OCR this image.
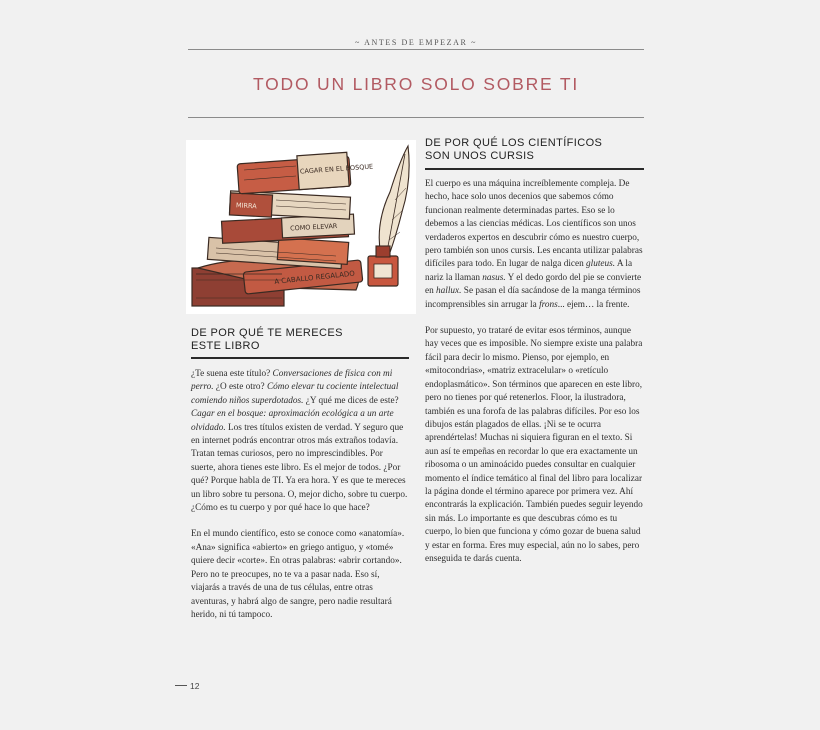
~ ANTES DE EMPEZAR ~
TODO UN LIBRO SOLO SOBRE TI
A CABALLO REGALADO
COMO ELEVAR
MIRRA
CAGAR EN EL BOSQUE
DE POR QUÉ TE MERECES
ESTE LIBRO

¿Te suena este título? Conversaciones de física con mi perro. ¿O este otro? Cómo elevar tu cociente intelectual comiendo niños superdotados. ¿Y qué me dices de este? Cagar en el bosque: aproximación ecológica a un arte olvidado. Los tres títulos existen de verdad. Y seguro que en internet podrás encontrar otros más extraños todavía. Tratan temas curiosos, pero no imprescindibles. Por suerte, ahora tienes este libro. Es el mejor de todos. ¿Por qué? Porque habla de TI. Ya era hora. Y es que te mereces un libro sobre tu persona. O, mejor dicho, sobre tu cuerpo. ¿Cómo es tu cuerpo y por qué hace lo que hace?

En el mundo científico, esto se conoce como «anatomía». «Ana» significa «abierto» en griego antiguo, y «tomé» quiere decir «corte». En otras palabras: «abrir cortando». Pero no te preocupes, no te va a pasar nada. Eso sí, viajarás a través de una de tus células, entre otras aventuras, y habrá algo de sangre, pero nadie resultará herido, ni tú tampoco.

DE POR QUÉ LOS CIENTÍFICOS
SON UNOS CURSIS

El cuerpo es una máquina increíblemente compleja. De hecho, hace solo unos decenios que sabemos cómo funcionan realmente determinadas partes. Eso se lo debemos a las ciencias médicas. Los científicos son unos verdaderos expertos en descubrir cómo es nuestro cuerpo, pero también son unos cursis. Les encanta utilizar palabras difíciles para todo. En lugar de nalga dicen gluteus. A la nariz la llaman nasus. Y el dedo gordo del pie se convierte en hallux. Se pasan el día sacándose de la manga términos incomprensibles sin arrugar la frons... ejem… la frente.

Por supuesto, yo trataré de evitar esos términos, aunque hay veces que es imposible. No siempre existe una palabra fácil para decir lo mismo. Pienso, por ejemplo, en «mitocondrias», «matriz extracelular» o «retículo endoplasmático». Son términos que aparecen en este libro, pero no tienes por qué retenerlos. Floor, la ilustradora, también es una forofa de las palabras difíciles. Por eso los dibujos están plagados de ellas. ¡Ni se te ocurra aprendértelas! Muchas ni siquiera figuran en el texto. Si aun así te empeñas en recordar lo que era exactamente un ribosoma o un aminoácido puedes consultar en cualquier momento el índice temático al final del libro para localizar la página donde el término aparece por primera vez. Ahí encontrarás la explicación. También puedes seguir leyendo sin más. Lo importante es que descubras cómo es tu cuerpo, lo bien que funciona y cómo gozar de buena salud y estar en forma. Eres muy especial, aún no lo sabes, pero enseguida te darás cuenta.

12
